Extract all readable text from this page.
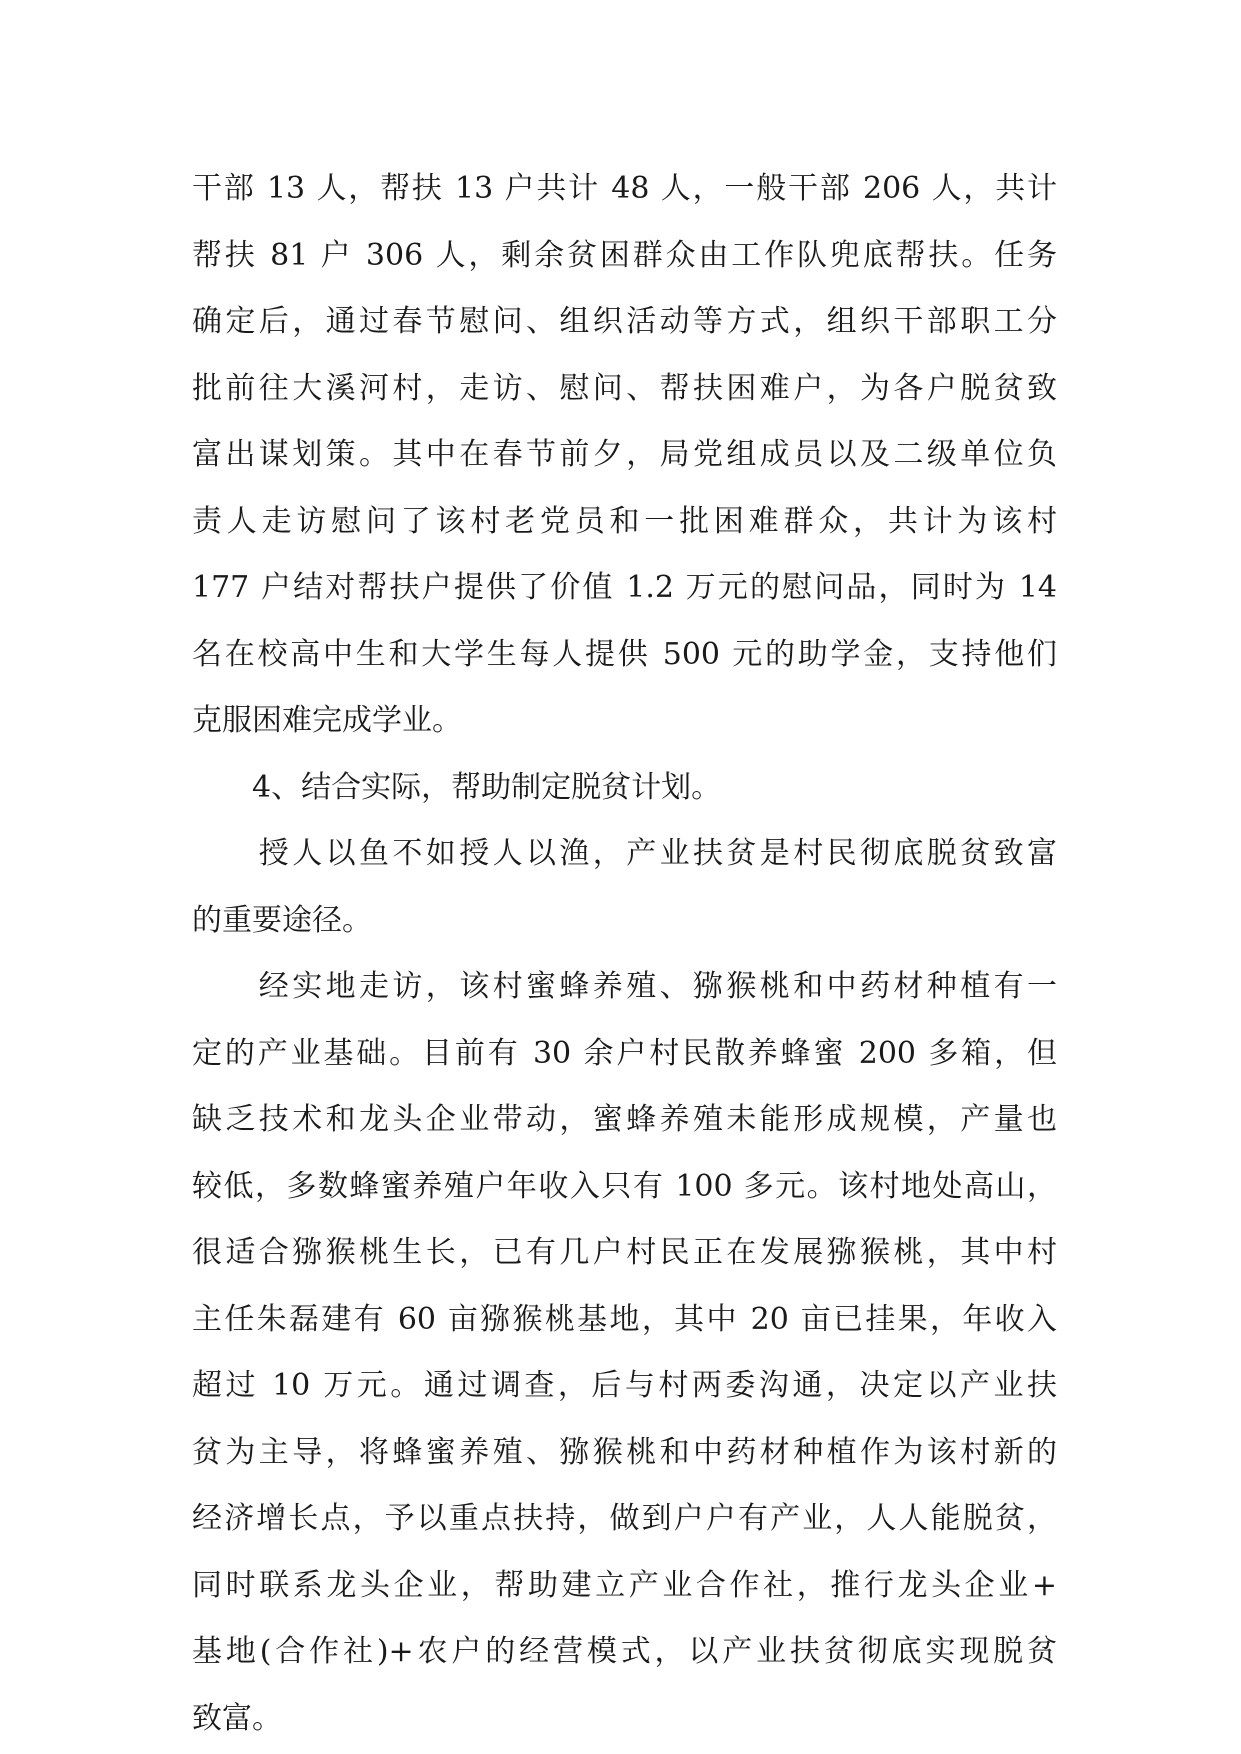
干部 13 人，帮扶 13 户共计 48 人，一般干部 206 人，共计

帮扶 81 户 306 人，剩余贫困群众由工作队兜底帮扶。任务

确定后，通过春节慰问、组织活动等方式，组织干部职工分

批前往大溪河村，走访、慰问、帮扶困难户，为各户脱贫致

富出谋划策。其中在春节前夕，局党组成员以及二级单位负

责人走访慰问了该村老党员和一批困难群众，共计为该村

177 户结对帮扶户提供了价值 1.2 万元的慰问品，同时为 14

名在校高中生和大学生每人提供 500 元的助学金，支持他们

克服困难完成学业。

　　4、结合实际，帮助制定脱贫计划。

　　授人以鱼不如授人以渔，产业扶贫是村民彻底脱贫致富

的重要途径。

　　经实地走访，该村蜜蜂养殖、猕猴桃和中药材种植有一

定的产业基础。目前有 30 余户村民散养蜂蜜 200 多箱，但

缺乏技术和龙头企业带动，蜜蜂养殖未能形成规模，产量也

较低，多数蜂蜜养殖户年收入只有 100 多元。该村地处高山，

很适合猕猴桃生长，已有几户村民正在发展猕猴桃，其中村

主任朱磊建有 60 亩猕猴桃基地，其中 20 亩已挂果，年收入

超过 10 万元。通过调查，后与村两委沟通，决定以产业扶

贫为主导，将蜂蜜养殖、猕猴桃和中药材种植作为该村新的

经济增长点，予以重点扶持，做到户户有产业，人人能脱贫，

同时联系龙头企业，帮助建立产业合作社，推行龙头企业+

基地(合作社)+农户的经营模式，以产业扶贫彻底实现脱贫

致富。
